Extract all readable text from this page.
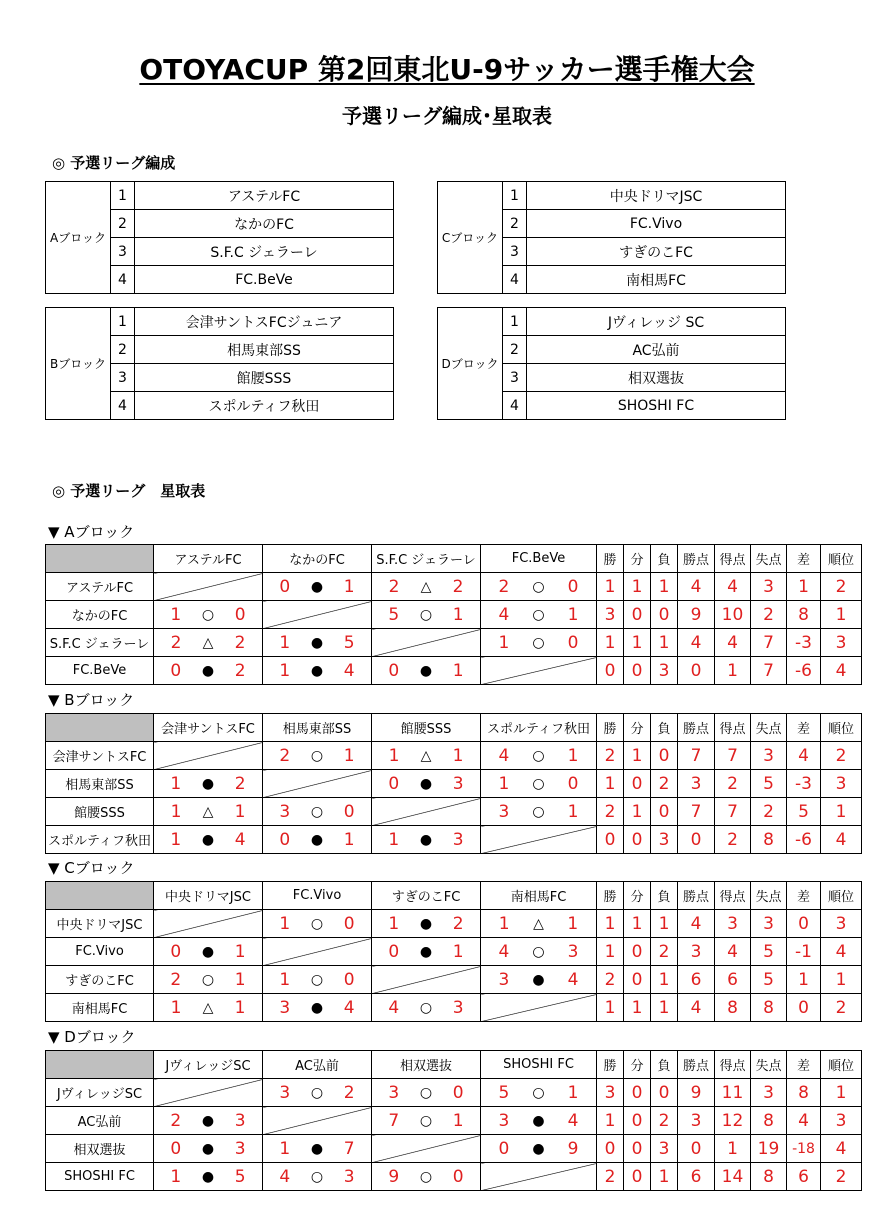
OTOYACUP 第2回東北U-9サッカー選手権大会
予選リーグ編成･星取表
◎ 予選リーグ編成
Aブロック	1	アステルFC
	2	なかのFC
	3	S.F.C ジェラーレ
	4	FC.BeVe
Cブロック	1	中央ドリマJSC
	2	FC.Vivo
	3	すぎのこFC
	4	南相馬FC
Bブロック	1	会津サントスFCジュニア
	2	相馬東部SS
	3	館腰SSS
	4	スポルティフ秋田
Dブロック	1	Jヴィレッジ SC
	2	AC弘前
	3	相双選抜
	4	SHOSHI FC
◎ 予選リーグ　星取表
▼ Aブロック
	アステルFC	なかのFC	S.F.C ジェラーレ	FC.BeVe	勝	分	負	勝点	得点	失点	差	順位
アステルFC		0 ● 1	2 △ 2	2 ○ 0	1	1	1	4	4	3	1	2
なかのFC	1 ○ 0		5 ○ 1	4 ○ 1	3	0	0	9	10	2	8	1
S.F.C ジェラーレ	2 △ 2	1 ● 5		1 ○ 0	1	1	1	4	4	7	-3	3
FC.BeVe	0 ● 2	1 ● 4	0 ● 1		0	0	3	0	1	7	-6	4
▼ Bブロック
	会津サントスFC	相馬東部SS	館腰SSS	スポルティフ秋田	勝	分	負	勝点	得点	失点	差	順位
会津サントスFC		2 ○ 1	1 △ 1	4 ○ 1	2	1	0	7	7	3	4	2
相馬東部SS	1 ● 2		0 ● 3	1 ○ 0	1	0	2	3	2	5	-3	3
館腰SSS	1 △ 1	3 ○ 0		3 ○ 1	2	1	0	7	7	2	5	1
スポルティフ秋田	1 ● 4	0 ● 1	1 ● 3		0	0	3	0	2	8	-6	4
▼ Cブロック
	中央ドリマJSC	FC.Vivo	すぎのこFC	南相馬FC	勝	分	負	勝点	得点	失点	差	順位
中央ドリマJSC		1 ○ 0	1 ● 2	1 △ 1	1	1	1	4	3	3	0	3
FC.Vivo	0 ● 1		0 ● 1	4 ○ 3	1	0	2	3	4	5	-1	4
すぎのこFC	2 ○ 1	1 ○ 0		3 ● 4	2	0	1	6	6	5	1	1
南相馬FC	1 △ 1	3 ● 4	4 ○ 3		1	1	1	4	8	8	0	2
▼ Dブロック
	JヴィレッジSC	AC弘前	相双選抜	SHOSHI FC	勝	分	負	勝点	得点	失点	差	順位
JヴィレッジSC		3 ○ 2	3 ○ 0	5 ○ 1	3	0	0	9	11	3	8	1
AC弘前	2 ● 3		7 ○ 1	3 ● 4	1	0	2	3	12	8	4	3
相双選抜	0 ● 3	1 ● 7		0 ● 9	0	0	3	0	1	19	-18	4
SHOSHI FC	1 ● 5	4 ○ 3	9 ○ 0		2	0	1	6	14	8	6	2
